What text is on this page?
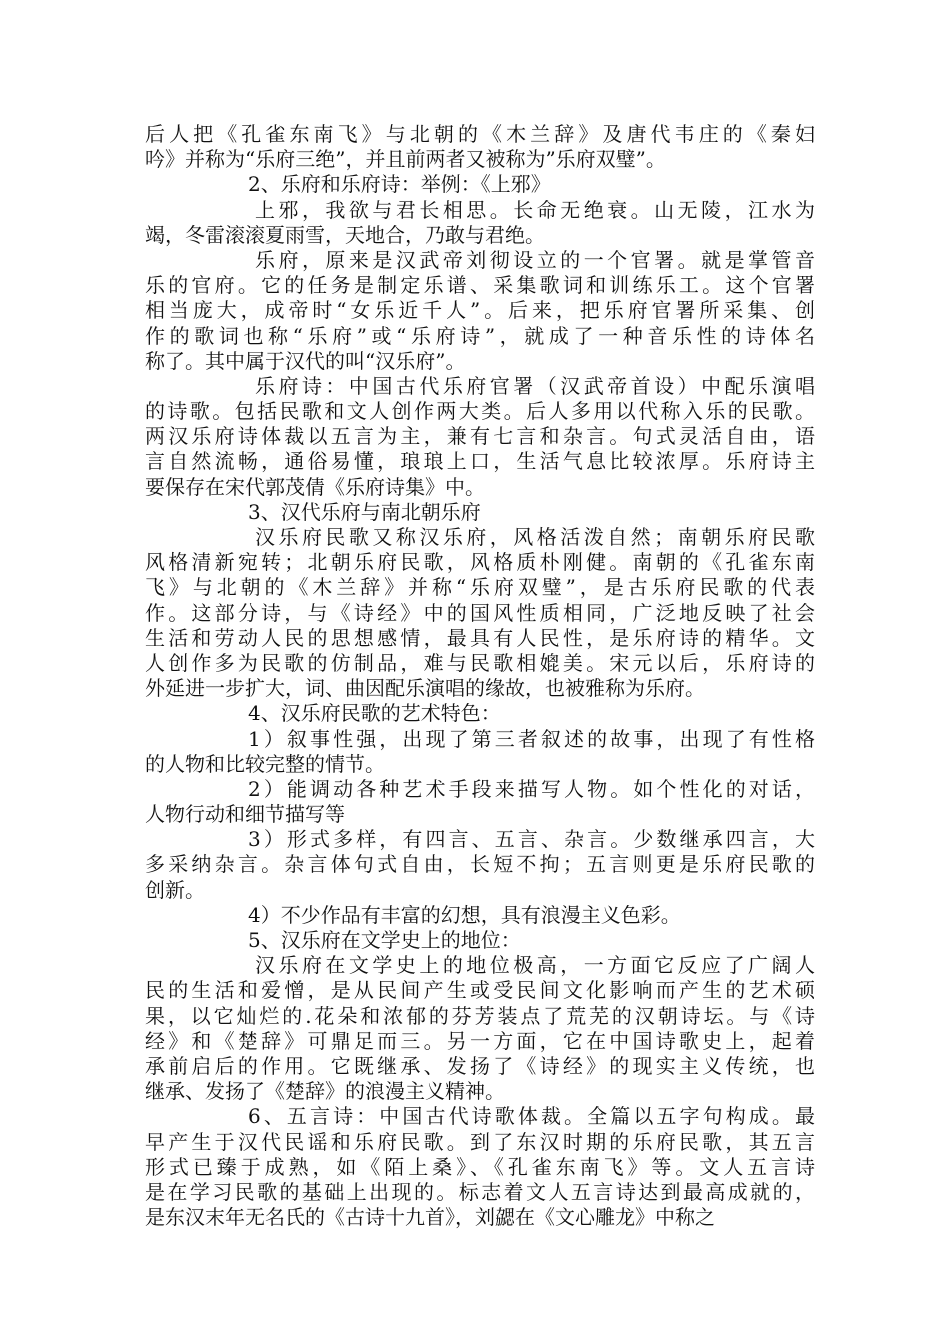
后人把《孔雀东南飞》与北朝的《木兰辞》及唐代韦庄的《秦妇
吟》并称为“乐府三绝”，并且前两者又被称为”乐府双璧”。
2、乐府和乐府诗：举例：《上邪》
上邪，我欲与君长相思。长命无绝衰。山无陵，江水为
竭，冬雷滚滚夏雨雪，天地合，乃敢与君绝。
乐府，原来是汉武帝刘彻设立的一个官署。就是掌管音
乐的官府。它的任务是制定乐谱、采集歌词和训练乐工。这个官署
相当庞大，成帝时“女乐近千人”。后来，把乐府官署所采集、创
作的歌词也称“乐府”或“乐府诗”，就成了一种音乐性的诗体名
称了。其中属于汉代的叫“汉乐府”。
乐府诗：中国古代乐府官署（汉武帝首设）中配乐演唱
的诗歌。包括民歌和文人创作两大类。后人多用以代称入乐的民歌。
两汉乐府诗体裁以五言为主，兼有七言和杂言。句式灵活自由，语
言自然流畅，通俗易懂，琅琅上口，生活气息比较浓厚。乐府诗主
要保存在宋代郭茂倩《乐府诗集》中。
3、汉代乐府与南北朝乐府
汉乐府民歌又称汉乐府，风格活泼自然；南朝乐府民歌
风格清新宛转；北朝乐府民歌，风格质朴刚健。南朝的《孔雀东南
飞》与北朝的《木兰辞》并称“乐府双璧”，是古乐府民歌的代表
作。这部分诗，与《诗经》中的国风性质相同，广泛地反映了社会
生活和劳动人民的思想感情，最具有人民性，是乐府诗的精华。文
人创作多为民歌的仿制品，难与民歌相媲美。宋元以后，乐府诗的
外延进一步扩大，词、曲因配乐演唱的缘故，也被雅称为乐府。
4、汉乐府民歌的艺术特色：
1）叙事性强，出现了第三者叙述的故事，出现了有性格
的人物和比较完整的情节。
2）能调动各种艺术手段来描写人物。如个性化的对话，
人物行动和细节描写等
3）形式多样，有四言、五言、杂言。少数继承四言，大
多采纳杂言。杂言体句式自由，长短不拘；五言则更是乐府民歌的
创新。
4）不少作品有丰富的幻想，具有浪漫主义色彩。
5、汉乐府在文学史上的地位：
汉乐府在文学史上的地位极高，一方面它反应了广阔人
民的生活和爱憎，是从民间产生或受民间文化影响而产生的艺术硕
果，以它灿烂的.花朵和浓郁的芬芳装点了荒芜的汉朝诗坛。与《诗
经》和《楚辞》可鼎足而三。另一方面，它在中国诗歌史上，起着
承前启后的作用。它既继承、发扬了《诗经》的现实主义传统，也
继承、发扬了《楚辞》的浪漫主义精神。
6、五言诗：中国古代诗歌体裁。全篇以五字句构成。最
早产生于汉代民谣和乐府民歌。到了东汉时期的乐府民歌，其五言
形式已臻于成熟，如《陌上桑》、《孔雀东南飞》等。文人五言诗
是在学习民歌的基础上出现的。标志着文人五言诗达到最高成就的，
是东汉末年无名氏的《古诗十九首》，刘勰在《文心雕龙》中称之
